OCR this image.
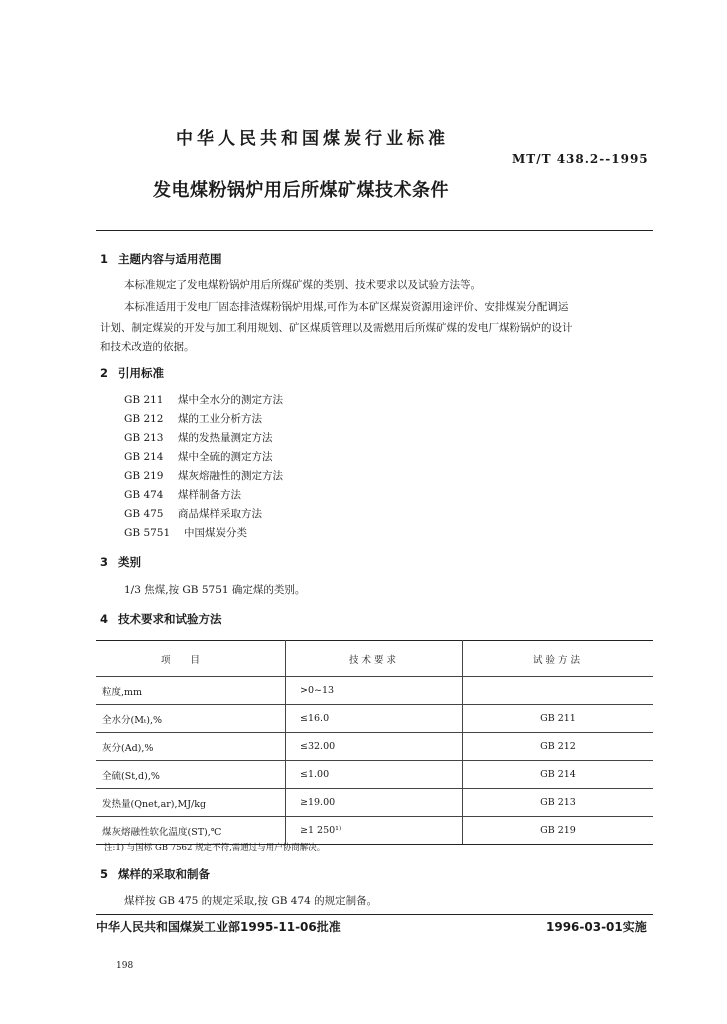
中华人民共和国煤炭行业标准
MT/T 438.2--1995
发电煤粉锅炉用后所煤矿煤技术条件
1 主题内容与适用范围
本标准规定了发电煤粉锅炉用后所煤矿煤的类别、技术要求以及试验方法等。
本标准适用于发电厂固态排渣煤粉锅炉用煤,可作为本矿区煤炭资源用途评价、安排煤炭分配调运
计划、制定煤炭的开发与加工利用规划、矿区煤质管理以及需燃用后所煤矿煤的发电厂煤粉锅炉的设计
和技术改造的依据。
2 引用标准
GB 211 煤中全水分的测定方法
GB 212 煤的工业分析方法
GB 213 煤的发热量测定方法
GB 214 煤中全硫的测定方法
GB 219 煤灰熔融性的测定方法
GB 474 煤样制备方法
GB 475 商品煤样采取方法
GB 5751 中国煤炭分类
3 类别
1/3 焦煤,按 GB 5751 确定煤的类别。
4 技术要求和试验方法
项目	技术要求	试验方法
粒度,mm	>0~13	
全水分(Mₜ),%	≤16.0	GB 211
灰分(Ad),%	≤32.00	GB 212
全硫(St,d),%	≤1.00	GB 214
发热量(Qnet,ar),MJ/kg	≥19.00	GB 213
煤灰熔融性软化温度(ST),℃	≥1 250¹⁾	GB 219
注:1) 与国标 GB 7562 规定不符,需通过与用户协商解决。
5 煤样的采取和制备
煤样按 GB 475 的规定采取,按 GB 474 的规定制备。
中华人民共和国煤炭工业部1995-11-06批准	1996-03-01实施
198
